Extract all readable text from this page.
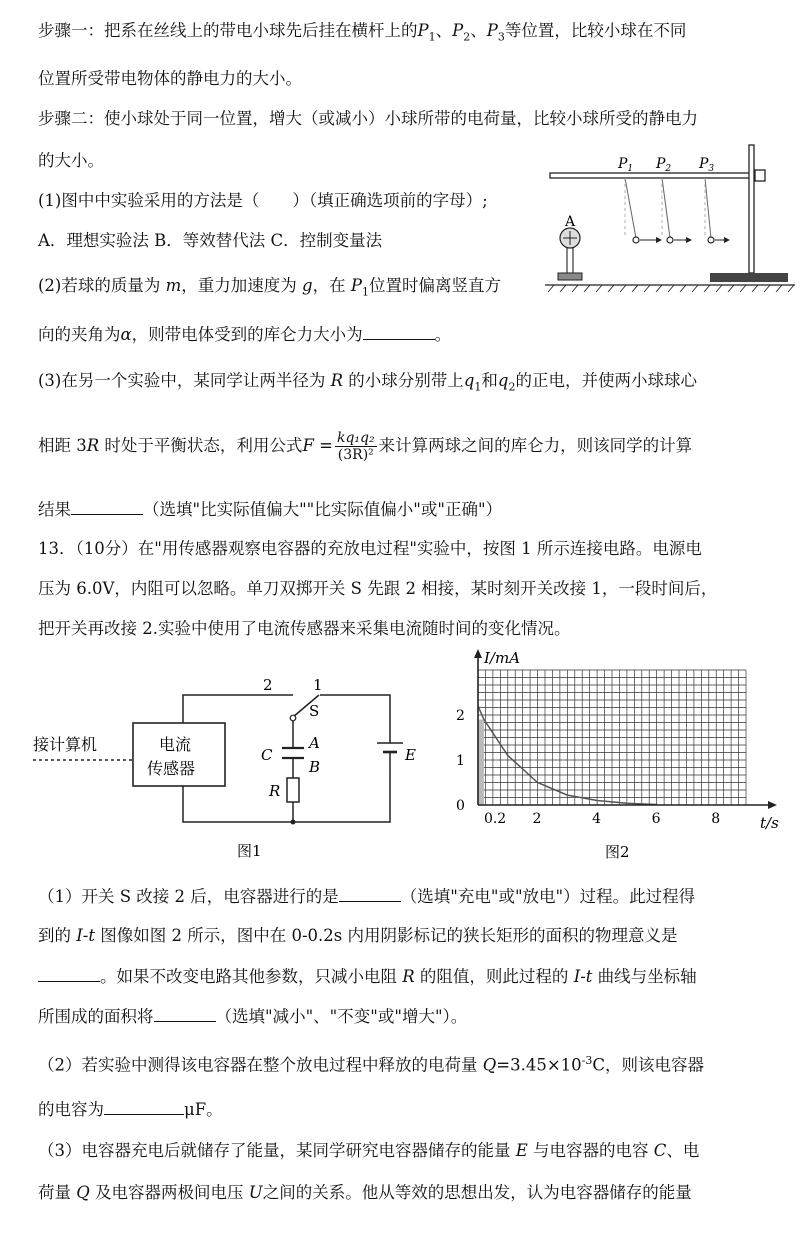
步骤一：把系在丝线上的带电小球先后挂在横杆上的$P_1$、$P_2$、$P_3$等位置，比较小球在不同
位置所受带电物体的静电力的大小。
步骤二：使小球处于同一位置，增大（或减小）小球所带的电荷量，比较小球所受的静电力
的大小。
(1)图中中实验采用的方法是（　　）（填正确选项前的字母）;
A．理想实验法 B．等效替代法 C．控制变量法
(2)若球的质量为 m，重力加速度为 g，在 $P_1$位置时偏离竖直方
向的夹角为α，则带电体受到的库仑力大小为	。
(3)在另一个实验中，某同学让两半径为 R 的小球分别带上$q_1$和$q_2$的正电，并使两小球球心
相距 3R 时处于平衡状态，利用公式$F = \frac{\text{kq₁q₂}}{\text{(3R)²}}$ 来计算两球之间的库仑力，则该同学的计算
结果	（选填"比实际值偏大""比实际值偏小"或"正确"）
13．（10分）在"用传感器观察电容器的充放电过程"实验中，按图 1 所示连接电路。电源电
压为 6.0V，内阻可以忽略。单刀双掷开关 S 先跟 2 相接，某时刻开关改接 1，一段时间后，
把开关再改接 2.实验中使用了电流传感器来采集电流随时间的变化情况。
A
$P_1$ $P_2$ $P_3$
接计算机	电流
传感器
2	1
S
C
A
B
R
E
图1
I/mA
t/s
2
1
0
0.2 2	4	6	8
图2
（1）开关 S 改接 2 后，电容器进行的是	（选填"充电"或"放电"）过程。此过程得
到的 I-t 图像如图 2 所示，图中在 0-0.2s 内用阴影标记的狭长矩形的面积的物理意义是
。如果不改变电路其他参数，只减小电阻 R 的阻值，则此过程的 I-t 曲线与坐标轴
所围成的面积将	（选填"减小"、"不变"或"增大"）。
（2）若实验中测得该电容器在整个放电过程中释放的电荷量 $Q=3.45\times 10^{-3}C$，则该电容器
的电容为	μF。
（3）电容器充电后就储存了能量，某同学研究电容器储存的能量 E 与电容器的电容 C、电
荷量 Q 及电容器两极间电压 U之间的关系。他从等效的思想出发，认为电容器储存的能量
